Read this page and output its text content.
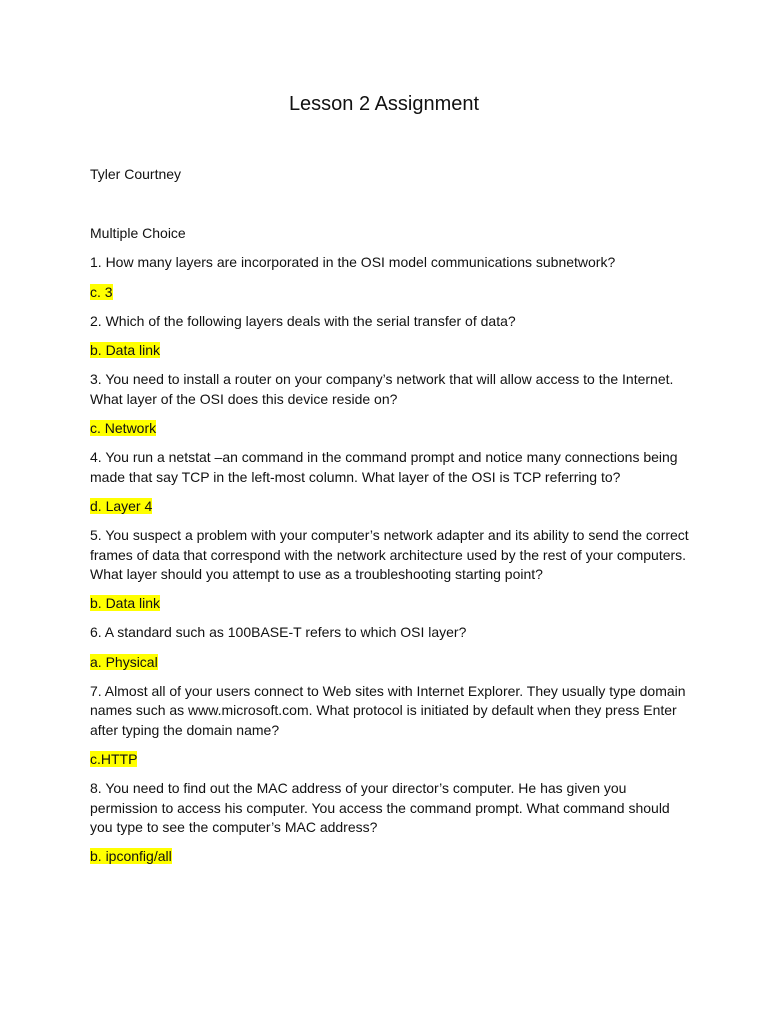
Lesson 2 Assignment
Tyler Courtney
Multiple Choice
1. How many layers are incorporated in the OSI model communications subnetwork?
c. 3
2. Which of the following layers deals with the serial transfer of data?
b. Data link
3. You need to install a router on your company’s network that will allow access to the Internet. What layer of the OSI does this device reside on?
c. Network
4. You run a netstat –an command in the command prompt and notice many connections being made that say TCP in the left-most column. What layer of the OSI is TCP referring to?
d. Layer 4
5. You suspect a problem with your computer’s network adapter and its ability to send the correct frames of data that correspond with the network architecture used by the rest of your computers. What layer should you attempt to use as a troubleshooting starting point?
b. Data link
6. A standard such as 100BASE-T refers to which OSI layer?
a. Physical
7. Almost all of your users connect to Web sites with Internet Explorer. They usually type domain names such as www.microsoft.com. What protocol is initiated by default when they press Enter after typing the domain name?
c.HTTP
8. You need to find out the MAC address of your director’s computer. He has given you permission to access his computer. You access the command prompt. What command should you type to see the computer’s MAC address?
b. ipconfig/all
